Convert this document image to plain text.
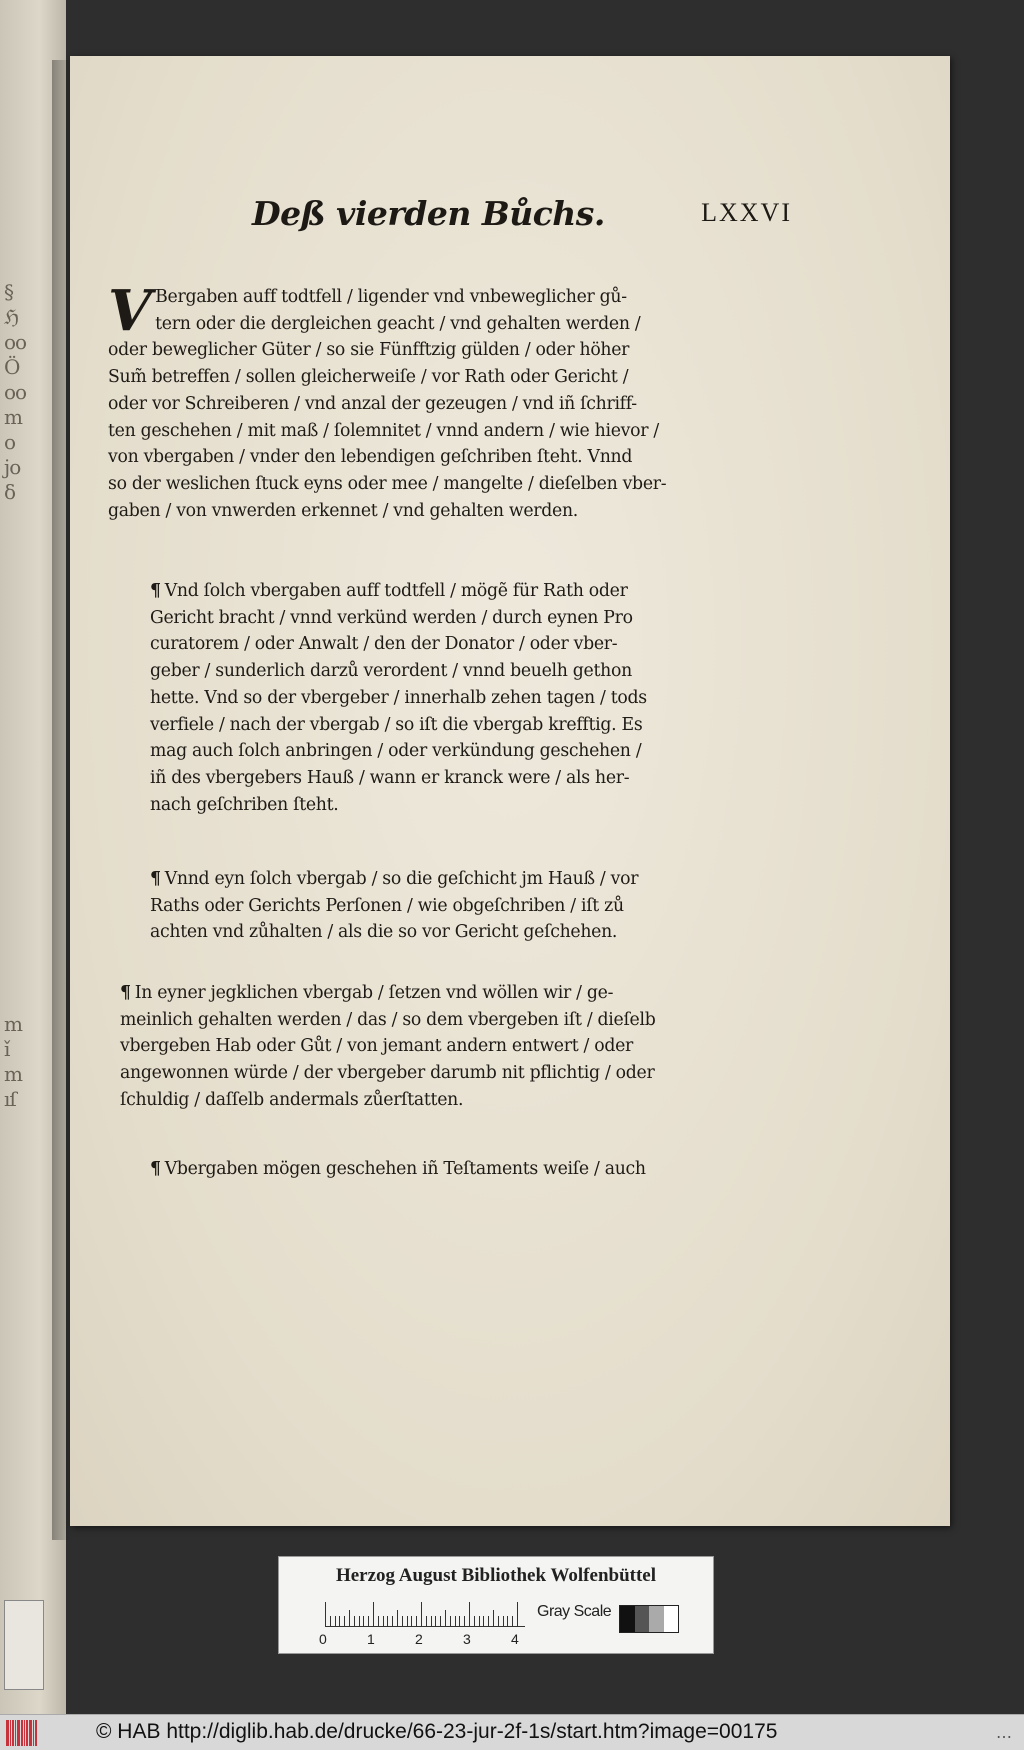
§
ℌ
oo
Ö
oo
m
o
jo
δ
m
ǐ
m
ıſ
Deß vierden Bůchs.	LXXVI
V Bergaben auff todtfell / ligender vnd vnbeweglicher gů-
tern oder die dergleichen geacht / vnd gehalten werden /
oder beweglicher Güter / so sie Fünfftzig gülden / oder höher
Sum̃ betreffen / sollen gleicherweiſe / vor Rath oder Gericht /
oder vor Schreiberen / vnd anzal der gezeugen / vnd iñ ſchriff-
ten geschehen / mit maß / ſolemnitet / vnnd andern / wie hievor /
von vbergaben / vnder den lebendigen geſchriben ſteht. Vnnd
so der weslichen ſtuck eyns oder mee / mangelte / dieſelben vber-
gaben / von vnwerden erkennet / vnd gehalten werden.
¶ Vnd ſolch vbergaben auff todtfell / mögẽ für Rath oder
Gericht bracht / vnnd verkünd werden / durch eynen Pro
curatorem / oder Anwalt / den der Donator / oder vber-
geber / sunderlich darzů verordent / vnnd beuelh gethon
hette. Vnd so der vbergeber / innerhalb zehen tagen / tods
verfiele / nach der vbergab / so iſt die vbergab krefftig. Es
mag auch ſolch anbringen / oder verkündung geschehen /
iñ des vbergebers Hauß / wann er kranck were / als her-
nach geſchriben ſteht.
¶ Vnnd eyn ſolch vbergab / so die geſchicht jm Hauß / vor
Raths oder Gerichts Perſonen / wie obgeſchriben / iſt zů
achten vnd zůhalten / als die so vor Gericht geſchehen.
¶ In eyner jegklichen vbergab / ſetzen vnd wöllen wir / ge-
meinlich gehalten werden / das / so dem vbergeben iſt / dieſelb
vbergeben Hab oder Gůt / von jemant andern entwert / oder
angewonnen würde / der vbergeber darumb nit pflichtig / oder
ſchuldig / daſſelb andermals zůerſtatten.
¶ Vbergaben mögen geschehen iñ Teſtaments weiſe / auch
Herzog August Bibliothek Wolfenbüttel
0	1	2	3	4
Gray Scale
© HAB http://diglib.hab.de/drucke/66-23-jur-2f-1s/start.htm?image=00175	…
